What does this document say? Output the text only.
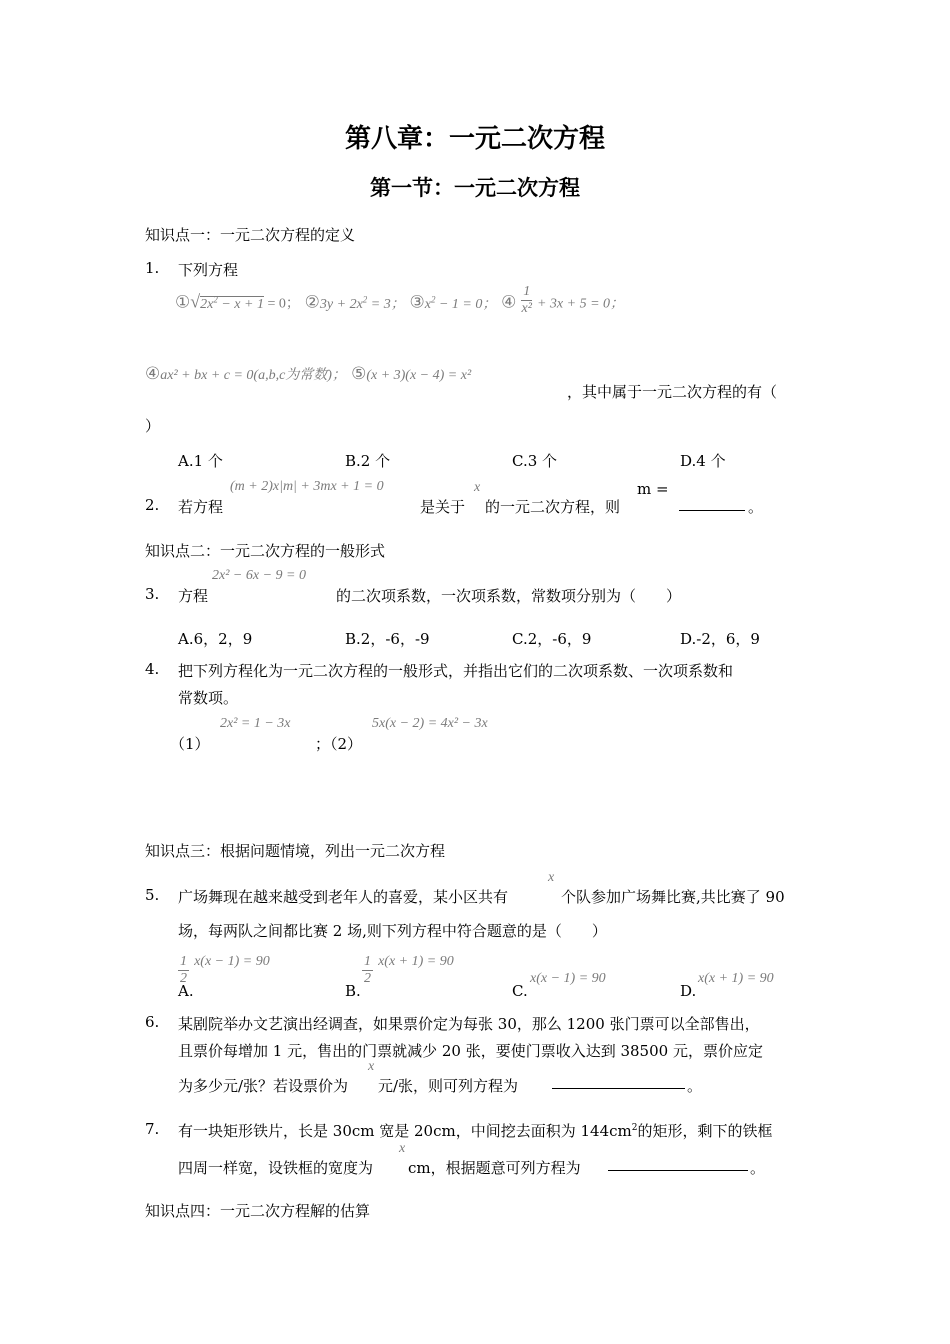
第八章：一元二次方程
第一节：一元二次方程
知识点一：一元二次方程的定义
1. 下列方程
$①√2x^2 - x + 1 = 0$； ②3y + $2x^2 = 3$； $③x^2 - 1 = 0$； ④ $\frac{1}{\text{x²}} + 3x + 5 = 0$；
④ax² + bx + c = 0(a,b,c为常数)； ⑤(x + 3)(x − 4) = x²
，其中属于一元二次方程的有（
）
A.1 个	B.2 个	C.3 个	D.4 个
2. 若方程
(m + 2)x|m| + 3mx + 1 = 0
是关于
x
的一元二次方程，则
m =
。
知识点二：一元二次方程的一般形式
3. 方程
2x² − 6x − 9 = 0
的二次项系数，一次项系数，常数项分别为（　　）
A.6，2，9	B.2，-6，-9	C.2，-6，9	D.-2，6，9
4. 把下列方程化为一元二次方程的一般形式，并指出它们的二次项系数、一次项系数和
常数项。
（1）
2x² = 1 − 3x
；（2）
5x(x − 2) = 4x² − 3x
知识点三：根据问题情境，列出一元二次方程
5. 广场舞现在越来越受到老年人的喜爱，某小区共有
x
个队参加广场舞比赛,共比赛了 90
场，每两队之间都比赛 2 场,则下列方程中符合题意的是（　　）
$\frac{1}{2} x(x - 1) = 90$
A.
$\frac{1}{2} x(x + 1) = 90$
B.	C.
x(x − 1) = 90
D.
x(x + 1) = 90
6. 某剧院举办文艺演出经调查，如果票价定为每张 30，那么 1200 张门票可以全部售出，
且票价每增加 1 元，售出的门票就减少 20 张，要使门票收入达到 38500 元，票价应定
为多少元/张？若设票价为
x
元/张，则可列方程为	。
7. 有一块矩形铁片，长是 30cm 宽是 20cm，中间挖去面积为 $144cm^2$的矩形，剩下的铁框
四周一样宽，设铁框的宽度为
x
cm，根据题意可列方程为	。
知识点四：一元二次方程解的估算
